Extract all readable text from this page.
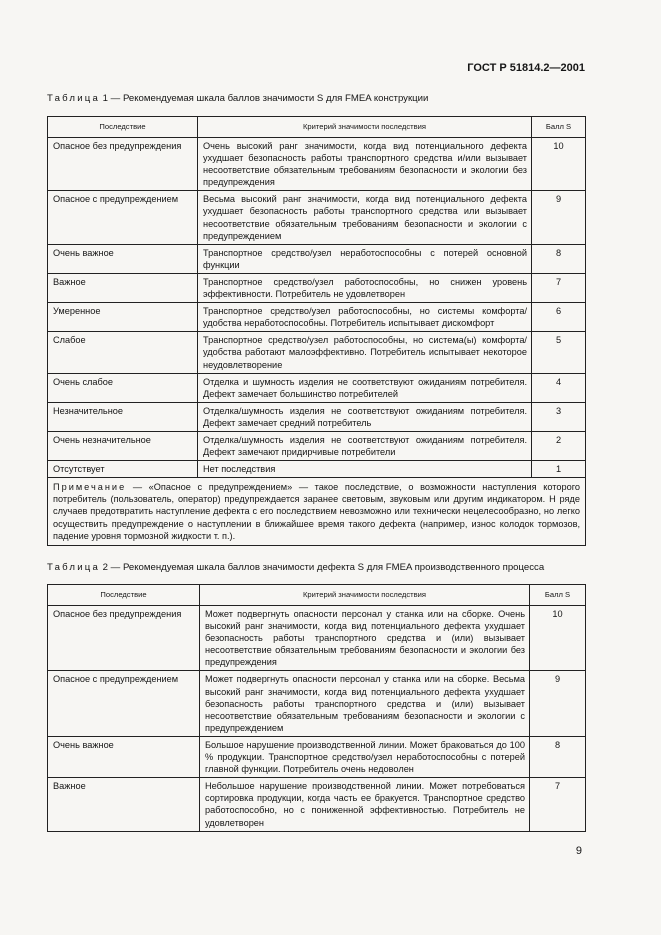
ГОСТ Р 51814.2—2001
Таблица 1 — Рекомендуемая шкала баллов значимости S для FMEA конструкции
Последствие	Критерий значимости последствия	Балл S
Опасное без предупреждения	Очень высокий ранг значимости, когда вид потенциального дефекта ухудшает безопасность работы транспортного средства и/или вызывает несоответствие обязательным требованиям безопасности и экологии без предупреждения	10
Опасное с предупреждением	Весьма высокий ранг значимости, когда вид потенциального дефекта ухудшает безопасность работы транспортного средства или вызывает несоответствие обязательным требованиям безопасности и экологии с предупреждением	9
Очень важное	Транспортное средство/узел неработоспособны с потерей основной функции	8
Важное	Транспортное средство/узел работоспособны, но снижен уровень эффективности. Потребитель не удовлетворен	7
Умеренное	Транспортное средство/узел работоспособны, но системы комфорта/удобства неработоспособны. Потребитель испытывает дискомфорт	6
Слабое	Транспортное средство/узел работоспособны, но система(ы) комфорта/удобства работают малоэффективно. Потребитель испытывает некоторое неудовлетворение	5
Очень слабое	Отделка и шумность изделия не соответствуют ожиданиям потребителя. Дефект замечает большинство потребителей	4
Незначительное	Отделка/шумность изделия не соответствуют ожиданиям потребителя. Дефект замечает средний потребитель	3
Очень незначительное	Отделка/шумность изделия не соответствуют ожиданиям потребителя. Дефект замечают придирчивые потребители	2
Отсутствует	Нет последствия	1
Примечание — «Опасное с предупреждением» — такое последствие, о возможности наступления которого потребитель (пользователь, оператор) предупреждается заранее световым, звуковым или другим индикатором. Н ряде случаев предотвратить наступление дефекта с его последствием невозможно или технически нецелесообразно, но легко осуществить предупреждение о наступлении в ближайшее время такого дефекта (например, износ колодок тормозов, падение уровня тормозной жидкости т. п.).		
Таблица 2 — Рекомендуемая шкала баллов значимости дефекта S для FMEA производственного процесса
Последствие	Критерий значимости последствия	Балл S
Опасное без предупреждения	Может подвергнуть опасности персонал у станка или на сборке. Очень высокий ранг значимости, когда вид потенциального дефекта ухудшает безопасность работы транспортного средства и (или) вызывает несоответствие обязательным требованиям безопасности и экологии без предупреждения	10
Опасное с предупреждением	Может подвергнуть опасности персонал у станка или на сборке. Весьма высокий ранг значимости, когда вид потенциального дефекта ухудшает безопасность работы транспортного средства и (или) вызывает несоответствие обязательным требованиям безопасности и экологии с предупреждением	9
Очень важное	Большое нарушение производственной линии. Может браковаться до 100 % продукции. Транспортное средство/узел неработоспособны с потерей главной функции. Потребитель очень недоволен	8
Важное	Небольшое нарушение производственной линии. Может потребоваться сортировка продукции, когда часть ее бракуется. Транспортное средство работоспособно, но с пониженной эффективностью. Потребитель не удовлетворен	7
9
